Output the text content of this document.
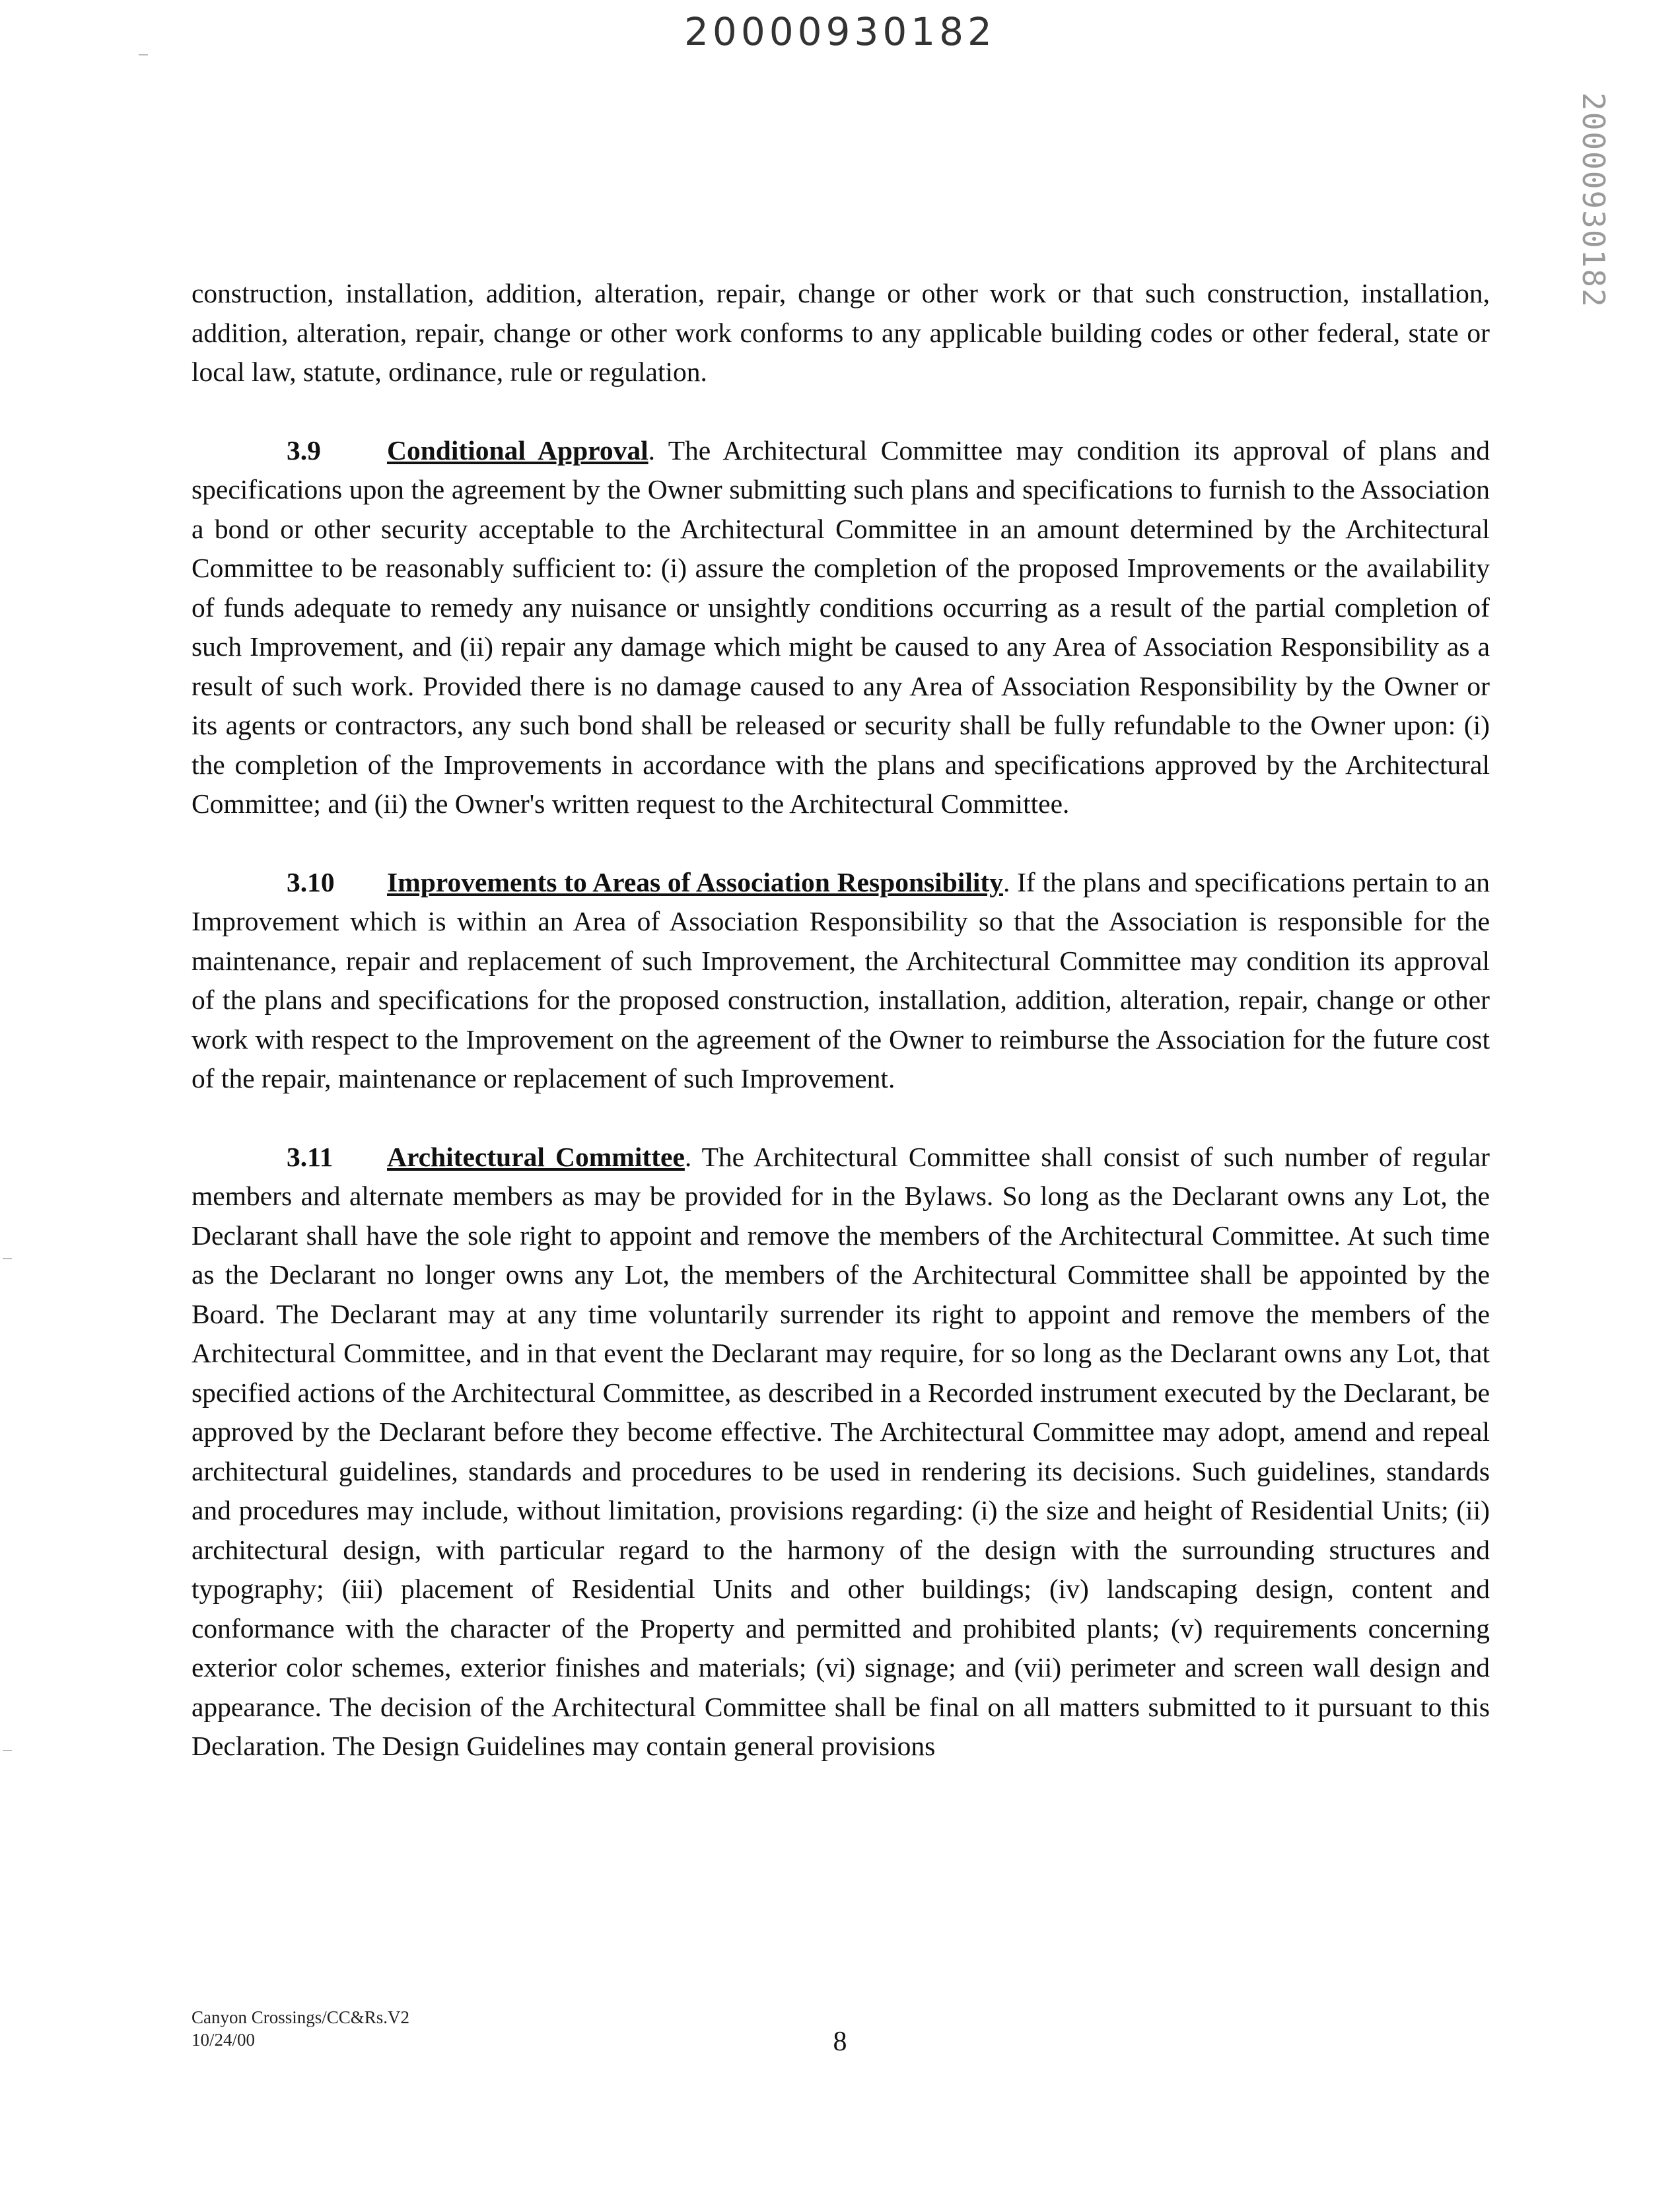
20000930182
20000930182

construction, installation, addition, alteration, repair, change or other work or that such construction, installation, addition, alteration, repair, change or other work conforms to any applicable building codes or other federal, state or local law, statute, ordinance, rule or regulation.

3.9 Conditional Approval. The Architectural Committee may condition its approval of plans and specifications upon the agreement by the Owner submitting such plans and specifications to furnish to the Association a bond or other security acceptable to the Architectural Committee in an amount determined by the Architectural Committee to be reasonably sufficient to: (i) assure the completion of the proposed Improvements or the availability of funds adequate to remedy any nuisance or unsightly conditions occurring as a result of the partial completion of such Improvement, and (ii) repair any damage which might be caused to any Area of Association Responsibility as a result of such work. Provided there is no damage caused to any Area of Association Responsibility by the Owner or its agents or contractors, any such bond shall be released or security shall be fully refundable to the Owner upon: (i) the completion of the Improvements in accordance with the plans and specifications approved by the Architectural Committee; and (ii) the Owner's written request to the Architectural Committee.

3.10 Improvements to Areas of Association Responsibility. If the plans and specifications pertain to an Improvement which is within an Area of Association Responsibility so that the Association is responsible for the maintenance, repair and replacement of such Improvement, the Architectural Committee may condition its approval of the plans and specifications for the proposed construction, installation, addition, alteration, repair, change or other work with respect to the Improvement on the agreement of the Owner to reimburse the Association for the future cost of the repair, maintenance or replacement of such Improvement.

3.11 Architectural Committee. The Architectural Committee shall consist of such number of regular members and alternate members as may be provided for in the Bylaws. So long as the Declarant owns any Lot, the Declarant shall have the sole right to appoint and remove the members of the Architectural Committee. At such time as the Declarant no longer owns any Lot, the members of the Architectural Committee shall be appointed by the Board. The Declarant may at any time voluntarily surrender its right to appoint and remove the members of the Architectural Committee, and in that event the Declarant may require, for so long as the Declarant owns any Lot, that specified actions of the Architectural Committee, as described in a Recorded instrument executed by the Declarant, be approved by the Declarant before they become effective. The Architectural Committee may adopt, amend and repeal architectural guidelines, standards and procedures to be used in rendering its decisions. Such guidelines, standards and procedures may include, without limitation, provisions regarding: (i) the size and height of Residential Units; (ii) architectural design, with particular regard to the harmony of the design with the surrounding structures and typography; (iii) placement of Residential Units and other buildings; (iv) landscaping design, content and conformance with the character of the Property and permitted and prohibited plants; (v) requirements concerning exterior color schemes, exterior finishes and materials; (vi) signage; and (vii) perimeter and screen wall design and appearance. The decision of the Architectural Committee shall be final on all matters submitted to it pursuant to this Declaration. The Design Guidelines may contain general provisions

Canyon Crossings/CC&Rs.V2
10/24/00	8
